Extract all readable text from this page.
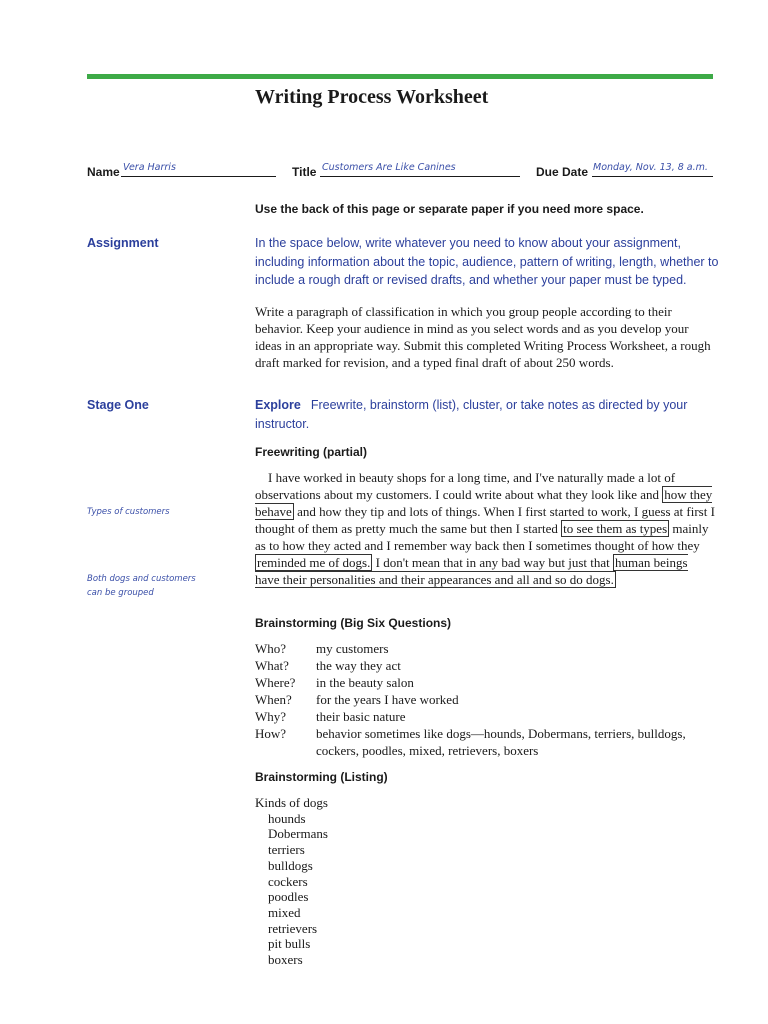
Writing Process Worksheet
Name Vera Harris	Title Customers Are Like Canines	Due Date Monday, Nov. 13, 8 a.m.
Use the back of this page or separate paper if you need more space.
Assignment	In the space below, write whatever you need to know about your assignment, including information about the topic, audience, pattern of writing, length, whether to include a rough draft or revised drafts, and whether your paper must be typed.
Write a paragraph of classification in which you group people according to their behavior. Keep your audience in mind as you select words and as you develop your ideas in an appropriate way. Submit this completed Writing Process Worksheet, a rough draft marked for revision, and a typed final draft of about 250 words.
Stage One	Explore Freewrite, brainstorm (list), cluster, or take notes as directed by your instructor.
Freewriting (partial)
Types of customers
Both dogs and customers can be grouped
I have worked in beauty shops for a long time, and I've naturally made a lot of observations about my customers. I could write about what they look like and how they behave and how they tip and lots of things. When I first started to work, I guess at first I thought of them as pretty much the same but then I started to see them as types mainly as to how they acted and I remember way back then I sometimes thought of how they reminded me of dogs. I don't mean that in any bad way but just that human beings have their personalities and their appearances and all and so do dogs.
Brainstorming (Big Six Questions)
Who?	my customers
What?	the way they act
Where?	in the beauty salon
When?	for the years I have worked
Why?	their basic nature
How?	behavior sometimes like dogs—hounds, Dobermans, terriers, bulldogs, cockers, poodles, mixed, retrievers, boxers
Brainstorming (Listing)
Kinds of dogs
hounds
Dobermans
terriers
bulldogs
cockers
poodles
mixed
retrievers
pit bulls
boxers
